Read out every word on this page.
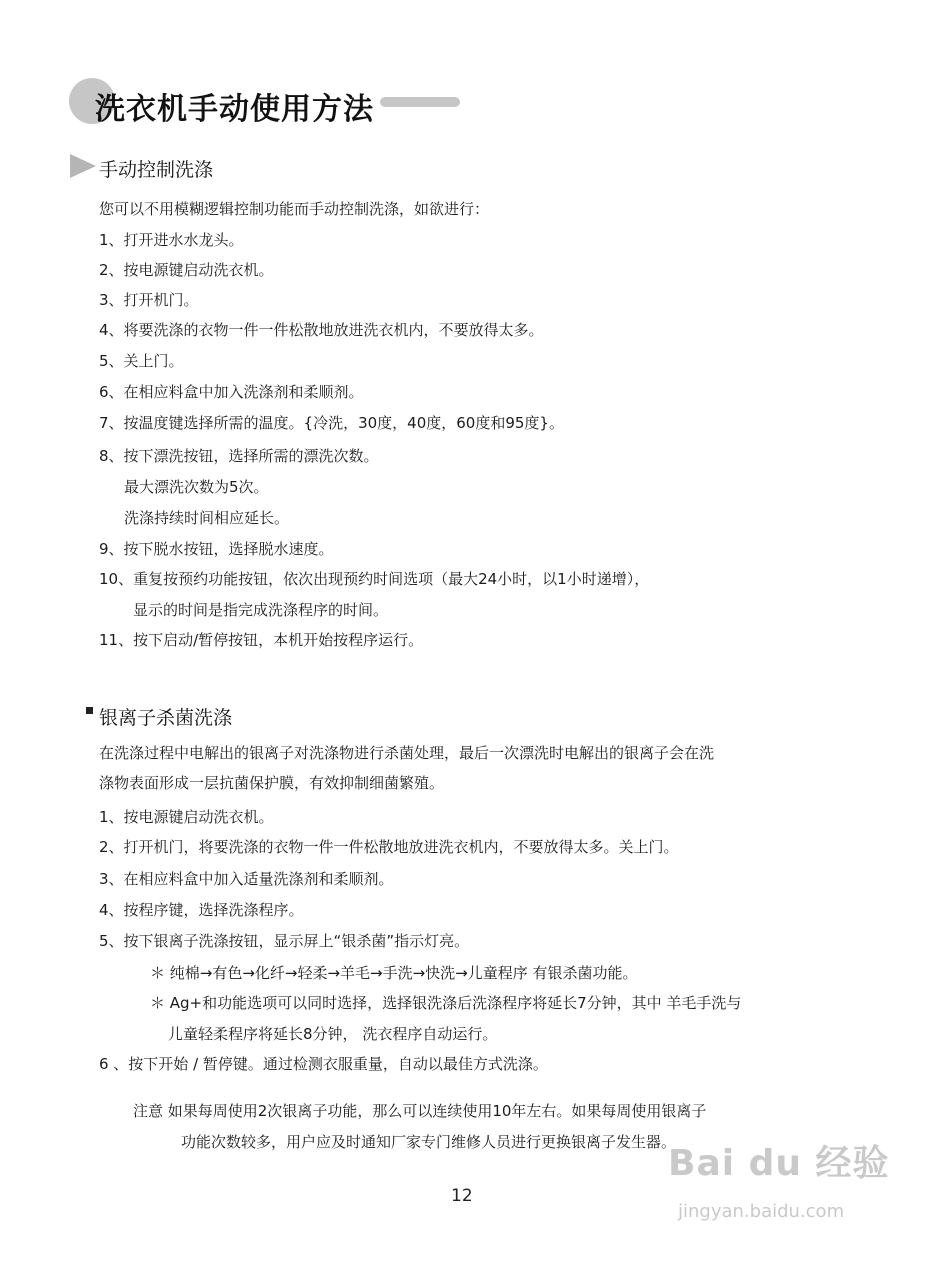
洗衣机手动使用方法
手动控制洗涤
您可以不用模糊逻辑控制功能而手动控制洗涤，如欲进行：
1、打开进水水龙头。
2、按电源键启动洗衣机。
3、打开机门。
4、将要洗涤的衣物一件一件松散地放进洗衣机内，不要放得太多。
5、关上门。
6、在相应料盒中加入洗涤剂和柔顺剂。
7、按温度键选择所需的温度。{冷洗，30度，40度，60度和95度}。
8、按下漂洗按钮，选择所需的漂洗次数。
最大漂洗次数为5次。
洗涤持续时间相应延长。
9、按下脱水按钮，选择脱水速度。
10、重复按预约功能按钮，依次出现预约时间选项（最大24小时，以1小时递增），
显示的时间是指完成洗涤程序的时间。
11、按下启动/暂停按钮，本机开始按程序运行。
银离子杀菌洗涤
在洗涤过程中电解出的银离子对洗涤物进行杀菌处理，最后一次漂洗时电解出的银离子会在洗
涤物表面形成一层抗菌保护膜，有效抑制细菌繁殖。
1、按电源键启动洗衣机。
2、打开机门，将要洗涤的衣物一件一件松散地放进洗衣机内，不要放得太多。关上门。
3、在相应料盒中加入适量洗涤剂和柔顺剂。
4、按程序键，选择洗涤程序。
5、按下银离子洗涤按钮，显示屏上“银杀菌”指示灯亮。
＊ 纯棉→有色→化纤→轻柔→羊毛→手洗→快洗→儿童程序 有银杀菌功能。
＊ Ag+和功能选项可以同时选择，选择银洗涤后洗涤程序将延长7分钟，其中 羊毛手洗与
儿童轻柔程序将延长8分钟， 洗衣程序自动运行。
6 、按下开始 / 暂停键。通过检测衣服重量，自动以最佳方式洗涤。
注意 如果每周使用2次银离子功能，那么可以连续使用10年左右。如果每周使用银离子
功能次数较多，用户应及时通知厂家专门维修人员进行更换银离子发生器。
12
Bai du 经验
jingyan.baidu.com
